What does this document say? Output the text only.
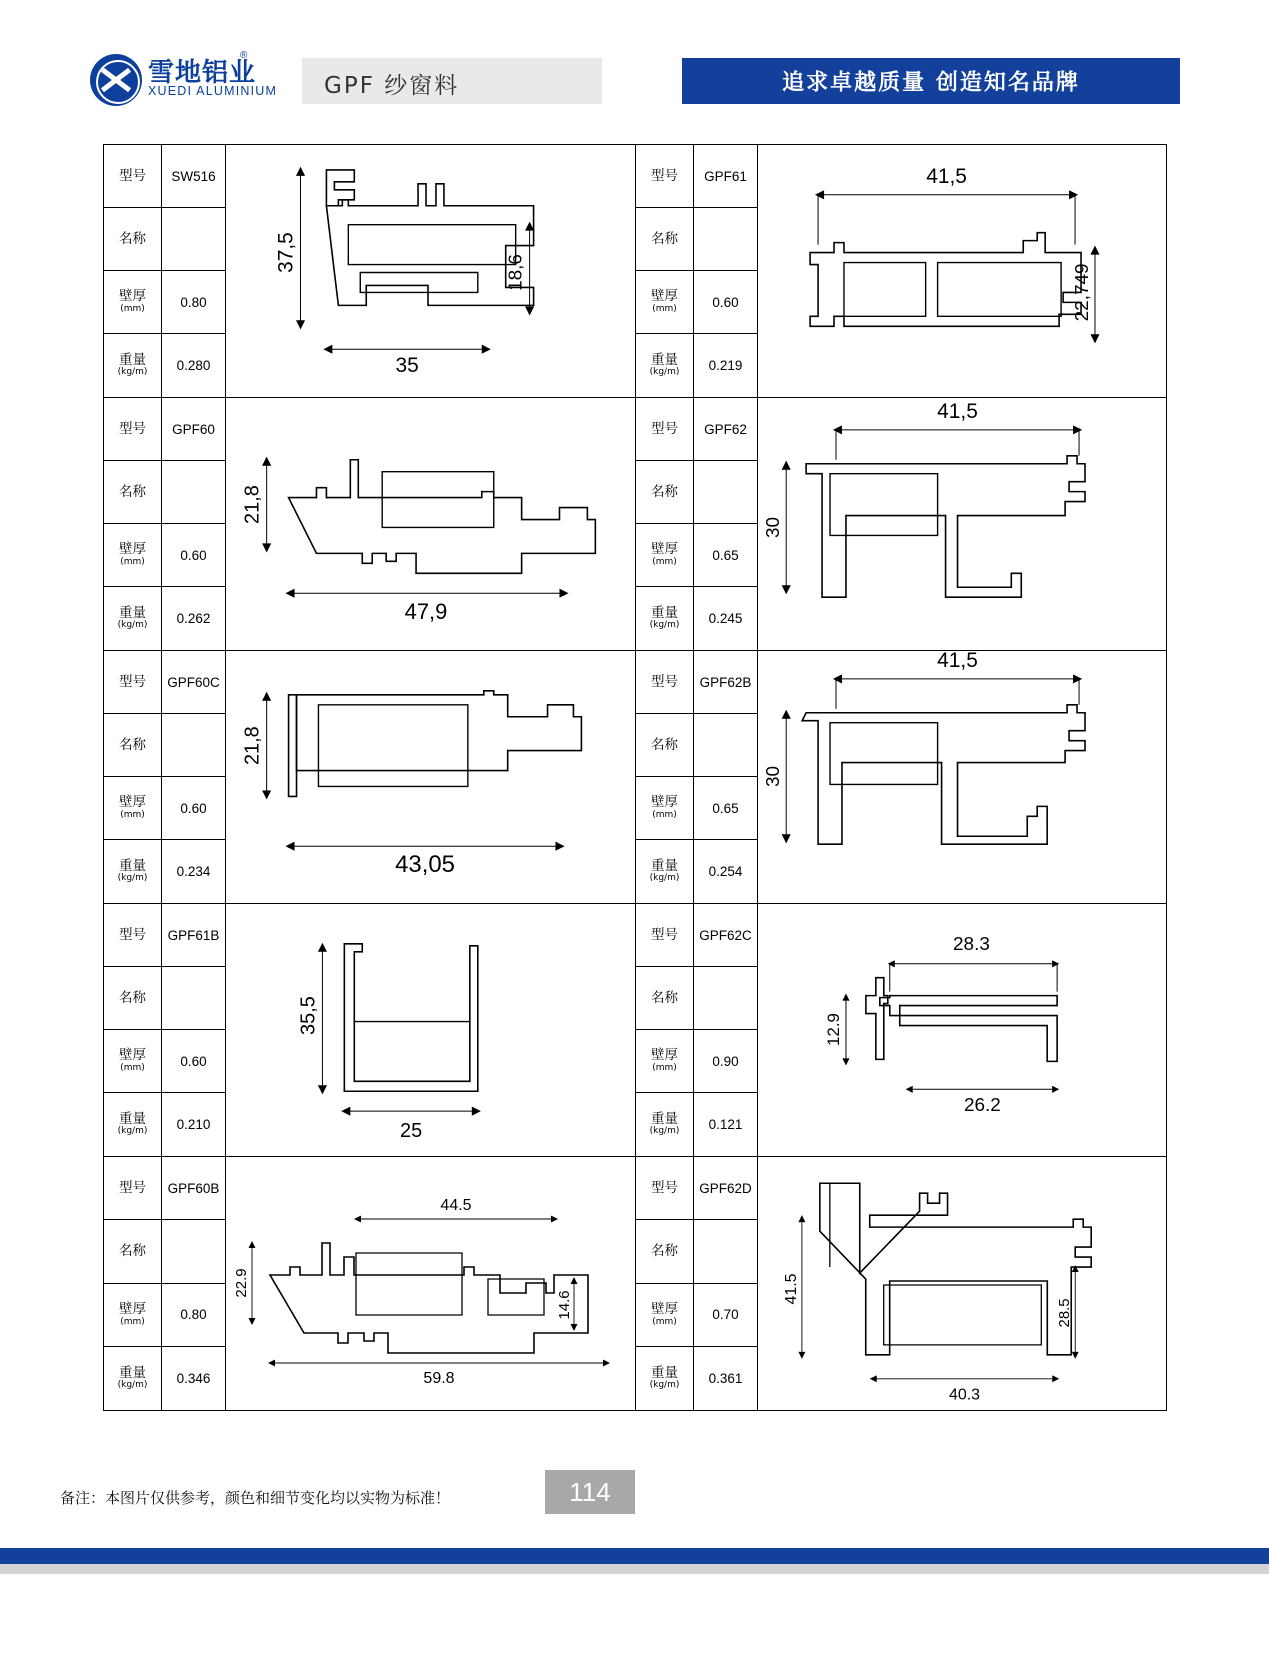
雪地铝业
®
XUEDI ALUMINIUM GPF 纱窗料	追求卓越质量 创造知名品牌
型号	SW516
名称
壁厚
(mm)	0.80
重量
(kg/m)	0.280
37,5	18,6
35
型号	GPF60
名称
壁厚
(mm)	0.60
重量
(kg/m)	0.262
21,8
47,9
型号	GPF60C
名称
壁厚
(mm)	0.60
重量
(kg/m)	0.234
21,8
43,05
型号	GPF61B
名称
壁厚
(mm)	0.60
重量
(kg/m)	0.210
35,5
25
型号	GPF60B
名称
壁厚
(mm)	0.80
重量
(kg/m)	0.346
22.9
14.6
44.5
59.8
型号	GPF61
名称
壁厚
(mm)	0.60
重量
(kg/m)	0.219
41,5
22,749
型号	GPF62
名称
壁厚
(mm)	0.65
重量
(kg/m)	0.245
41,5
30
型号	GPF62B
名称
壁厚
(mm)	0.65
重量
(kg/m)	0.254
41,5
30
型号	GPF62C
名称
壁厚
(mm)	0.90
重量
(kg/m)	0.121
28.3
12.9
26.2
型号	GPF62D
名称
壁厚
(mm)	0.70
重量
(kg/m)	0.361
41.5
28.5
40.3
备注：本图片仅供参考，颜色和细节变化均以实物为标准！	114
